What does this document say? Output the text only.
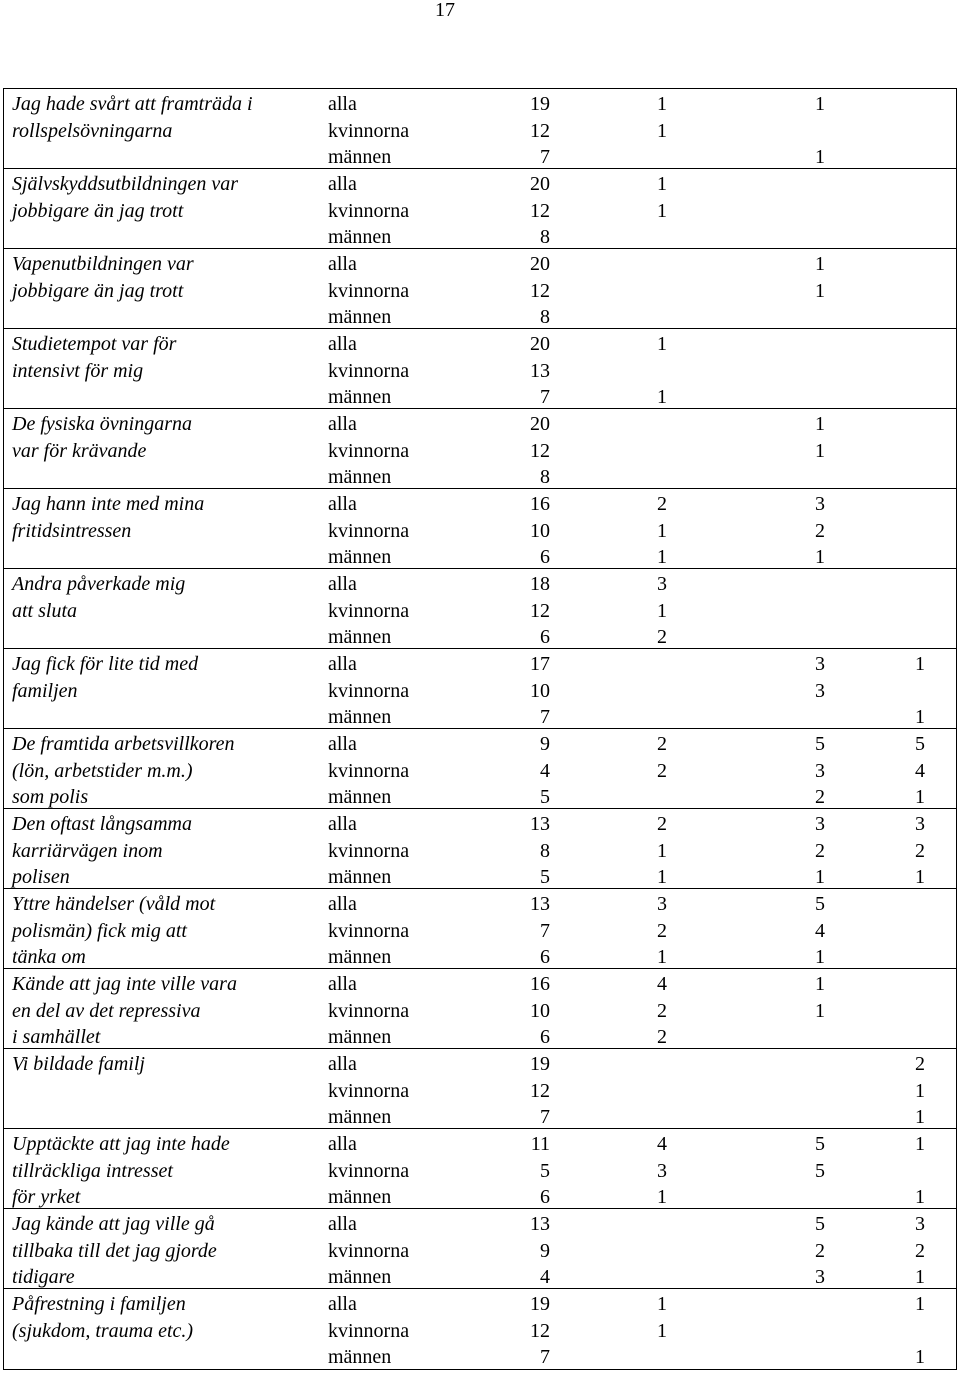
17
Jag hade svårt att framträda i
rollspelsövningarna
alla
kvinnorna
männen
19
12
7
1
1
1
1
Självskyddsutbildningen var
jobbigare än jag trott
alla
kvinnorna
männen
20
12
8
1
1
Vapenutbildningen var
jobbigare än jag trott
alla
kvinnorna
männen
20
12
8
1
1
Studietempot var för
intensivt för mig
alla
kvinnorna
männen
20
13
7
1
1
De fysiska övningarna
var för krävande
alla
kvinnorna
männen
20
12
8
1
1
Jag hann inte med mina
fritidsintressen
alla
kvinnorna
männen
16
10
6
2
1
1
3
2
1
Andra påverkade mig
att sluta
alla
kvinnorna
männen
18
12
6
3
1
2
Jag fick för lite tid med
familjen
alla
kvinnorna
männen
17
10
7
3
3
1
1
De framtida arbetsvillkoren
(lön, arbetstider m.m.)
som polis
alla
kvinnorna
männen
9
4
5
2
2
5
3
2
5
4
1
Den oftast långsamma
karriärvägen inom
polisen
alla
kvinnorna
männen
13
8
5
2
1
1
3
2
1
3
2
1
Yttre händelser (våld mot
polismän) fick mig att
tänka om
alla
kvinnorna
männen
13
7
6
3
2
1
5
4
1
Kände att jag inte ville vara
en del av det repressiva
i samhället
alla
kvinnorna
männen
16
10
6
4
2
2
1
1
Vi bildade familj	alla
kvinnorna
männen
19
12
7
2
1
1
Upptäckte att jag inte hade
tillräckliga intresset
för yrket
alla
kvinnorna
männen
11
5
6
4
3
1
5
5
1
1
Jag kände att jag ville gå
tillbaka till det jag gjorde
tidigare
alla
kvinnorna
männen
13
9
4
5
2
3
3
2
1
Påfrestning i familjen
(sjukdom, trauma etc.)
alla
kvinnorna
männen
19
12
7
1
1
1
1
